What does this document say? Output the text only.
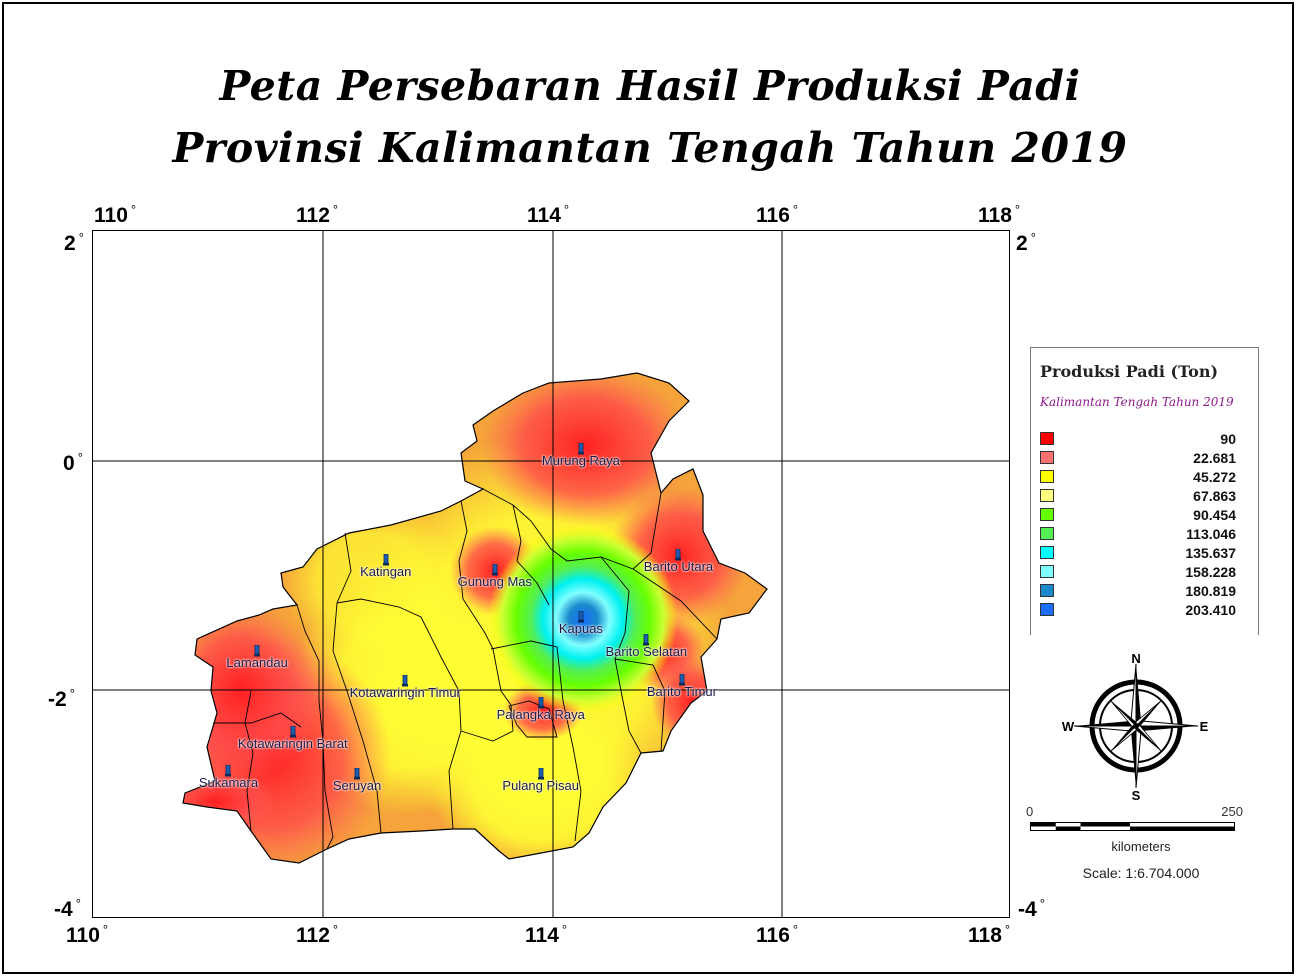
Peta Persebaran Hasil Produksi Padi
Provinsi Kalimantan Tengah Tahun 2019
110 °	112 °	114 °	116 °	118 °
110 °	112 °	114 °	116 °	118 °
2 °
0 °
-2 °
-4 °
2 °
-4 °
Murung Raya
Katingan
Gunung Mas
Barito Utara
Kapuas
Barito Selatan
Lamandau
Kotawaringin Timur	Barito Timur
Palangka Raya
Kotawaringin Barat
Sukamara	Seruyan	Pulang Pisau
Produksi Padi (Ton)
Kalimantan Tengah Tahun 2019
90
22.681
45.272
67.863
90.454
113.046
135.637
158.228
180.819
203.410
N
S
W	E
0	250
kilometers
Scale: 1:6.704.000
